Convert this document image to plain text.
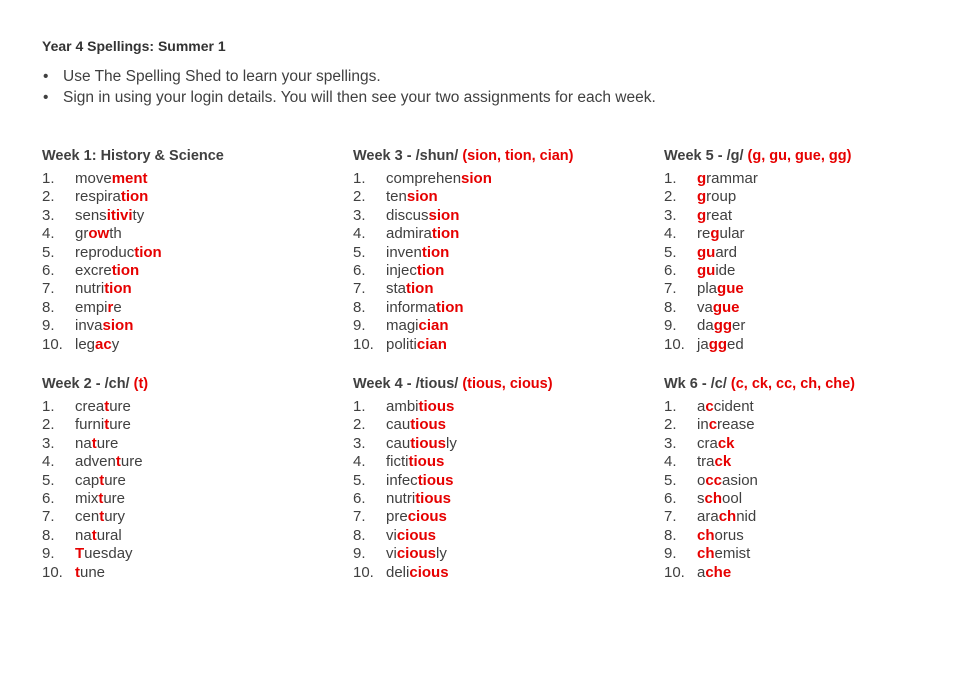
Year 4 Spellings: Summer 1
• Use The Spelling Shed to learn your spellings.
• Sign in using your login details. You will then see your two assignments for each week.
Week 1: History & Science
1. movement
2. respiration
3. sensitivity
4. growth
5. reproduction
6. excretion
7. nutrition
8. empire
9. invasion
10. legacy
Week 3 - /shun/ (sion, tion, cian)
1. comprehension
2. tension
3. discussion
4. admiration
5. invention
6. injection
7. station
8. information
9. magician
10. politician
Week 5 - /g/ (g, gu, gue, gg)
1. grammar
2. group
3. great
4. regular
5. guard
6. guide
7. plague
8. vague
9. dagger
10. jagged
Week 2 - /ch/ (t)
1. creature
2. furniture
3. nature
4. adventure
5. capture
6. mixture
7. century
8. natural
9. Tuesday
10. tune
Week 4 - /tious/ (tious, cious)
1. ambitious
2. cautious
3. cautiously
4. fictitious
5. infectious
6. nutritious
7. precious
8. vicious
9. viciously
10. delicious
Wk 6 - /c/ (c, ck, cc, ch, che)
1. accident
2. increase
3. crack
4. track
5. occasion
6. school
7. arachnid
8. chorus
9. chemist
10. ache
